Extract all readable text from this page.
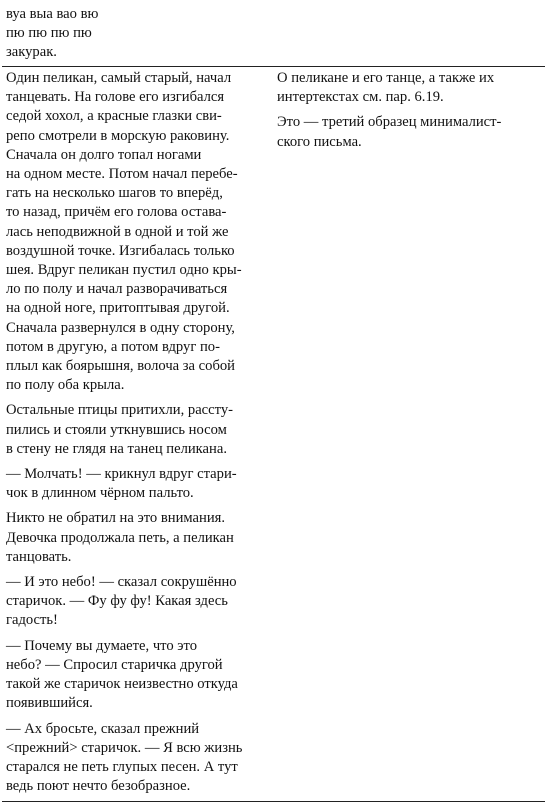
вуа выа вао вю
пю пю пю пю
закурак.

Один пеликан, самый старый, начал
танцевать. На голове его изгибался
седой хохол, а красные глазки сви-
репо смотрели в морскую раковину.
Сначала он долго топал ногами
на одном месте. Потом начал перебе-
гать на несколько шагов то вперёд,
то назад, причём его голова остава-
лась неподвижной в одной и той же
воздушной точке. Изгибалась только
шея. Вдруг пеликан пустил одно кры-
ло по полу и начал разворачиваться
на одной ноге, притоптывая другой.
Сначала развернулся в одну сторону,
потом в другую, а потом вдруг по-
плыл как боярышня, волоча за собой
по полу оба крыла.

Остальные птицы притихли, рассту-
пились и стояли уткнувшись носом
в стену не глядя на танец пеликана.

— Молчать! — крикнул вдруг стари-
чок в длинном чёрном пальто.

Никто не обратил на это внимания.
Девочка продолжала петь, а пеликан
танцовать.

— И это небо! — сказал сокрушённо
старичок. — Фу фу фу! Какая здесь
гадость!

— Почему вы думаете, что это
небо? — Спросил старичка другой
такой же старичок неизвестно откуда
появившийся.

— Ах бросьте, сказал прежний
<прежний> старичок. — Я всю жизнь
старался не петь глупых песен. А тут
ведь поют нечто безобразное.

О пеликане и его танце, а также их
интертекстах см. пар. 6.19.

Это — третий образец минималист-
ского письма.
